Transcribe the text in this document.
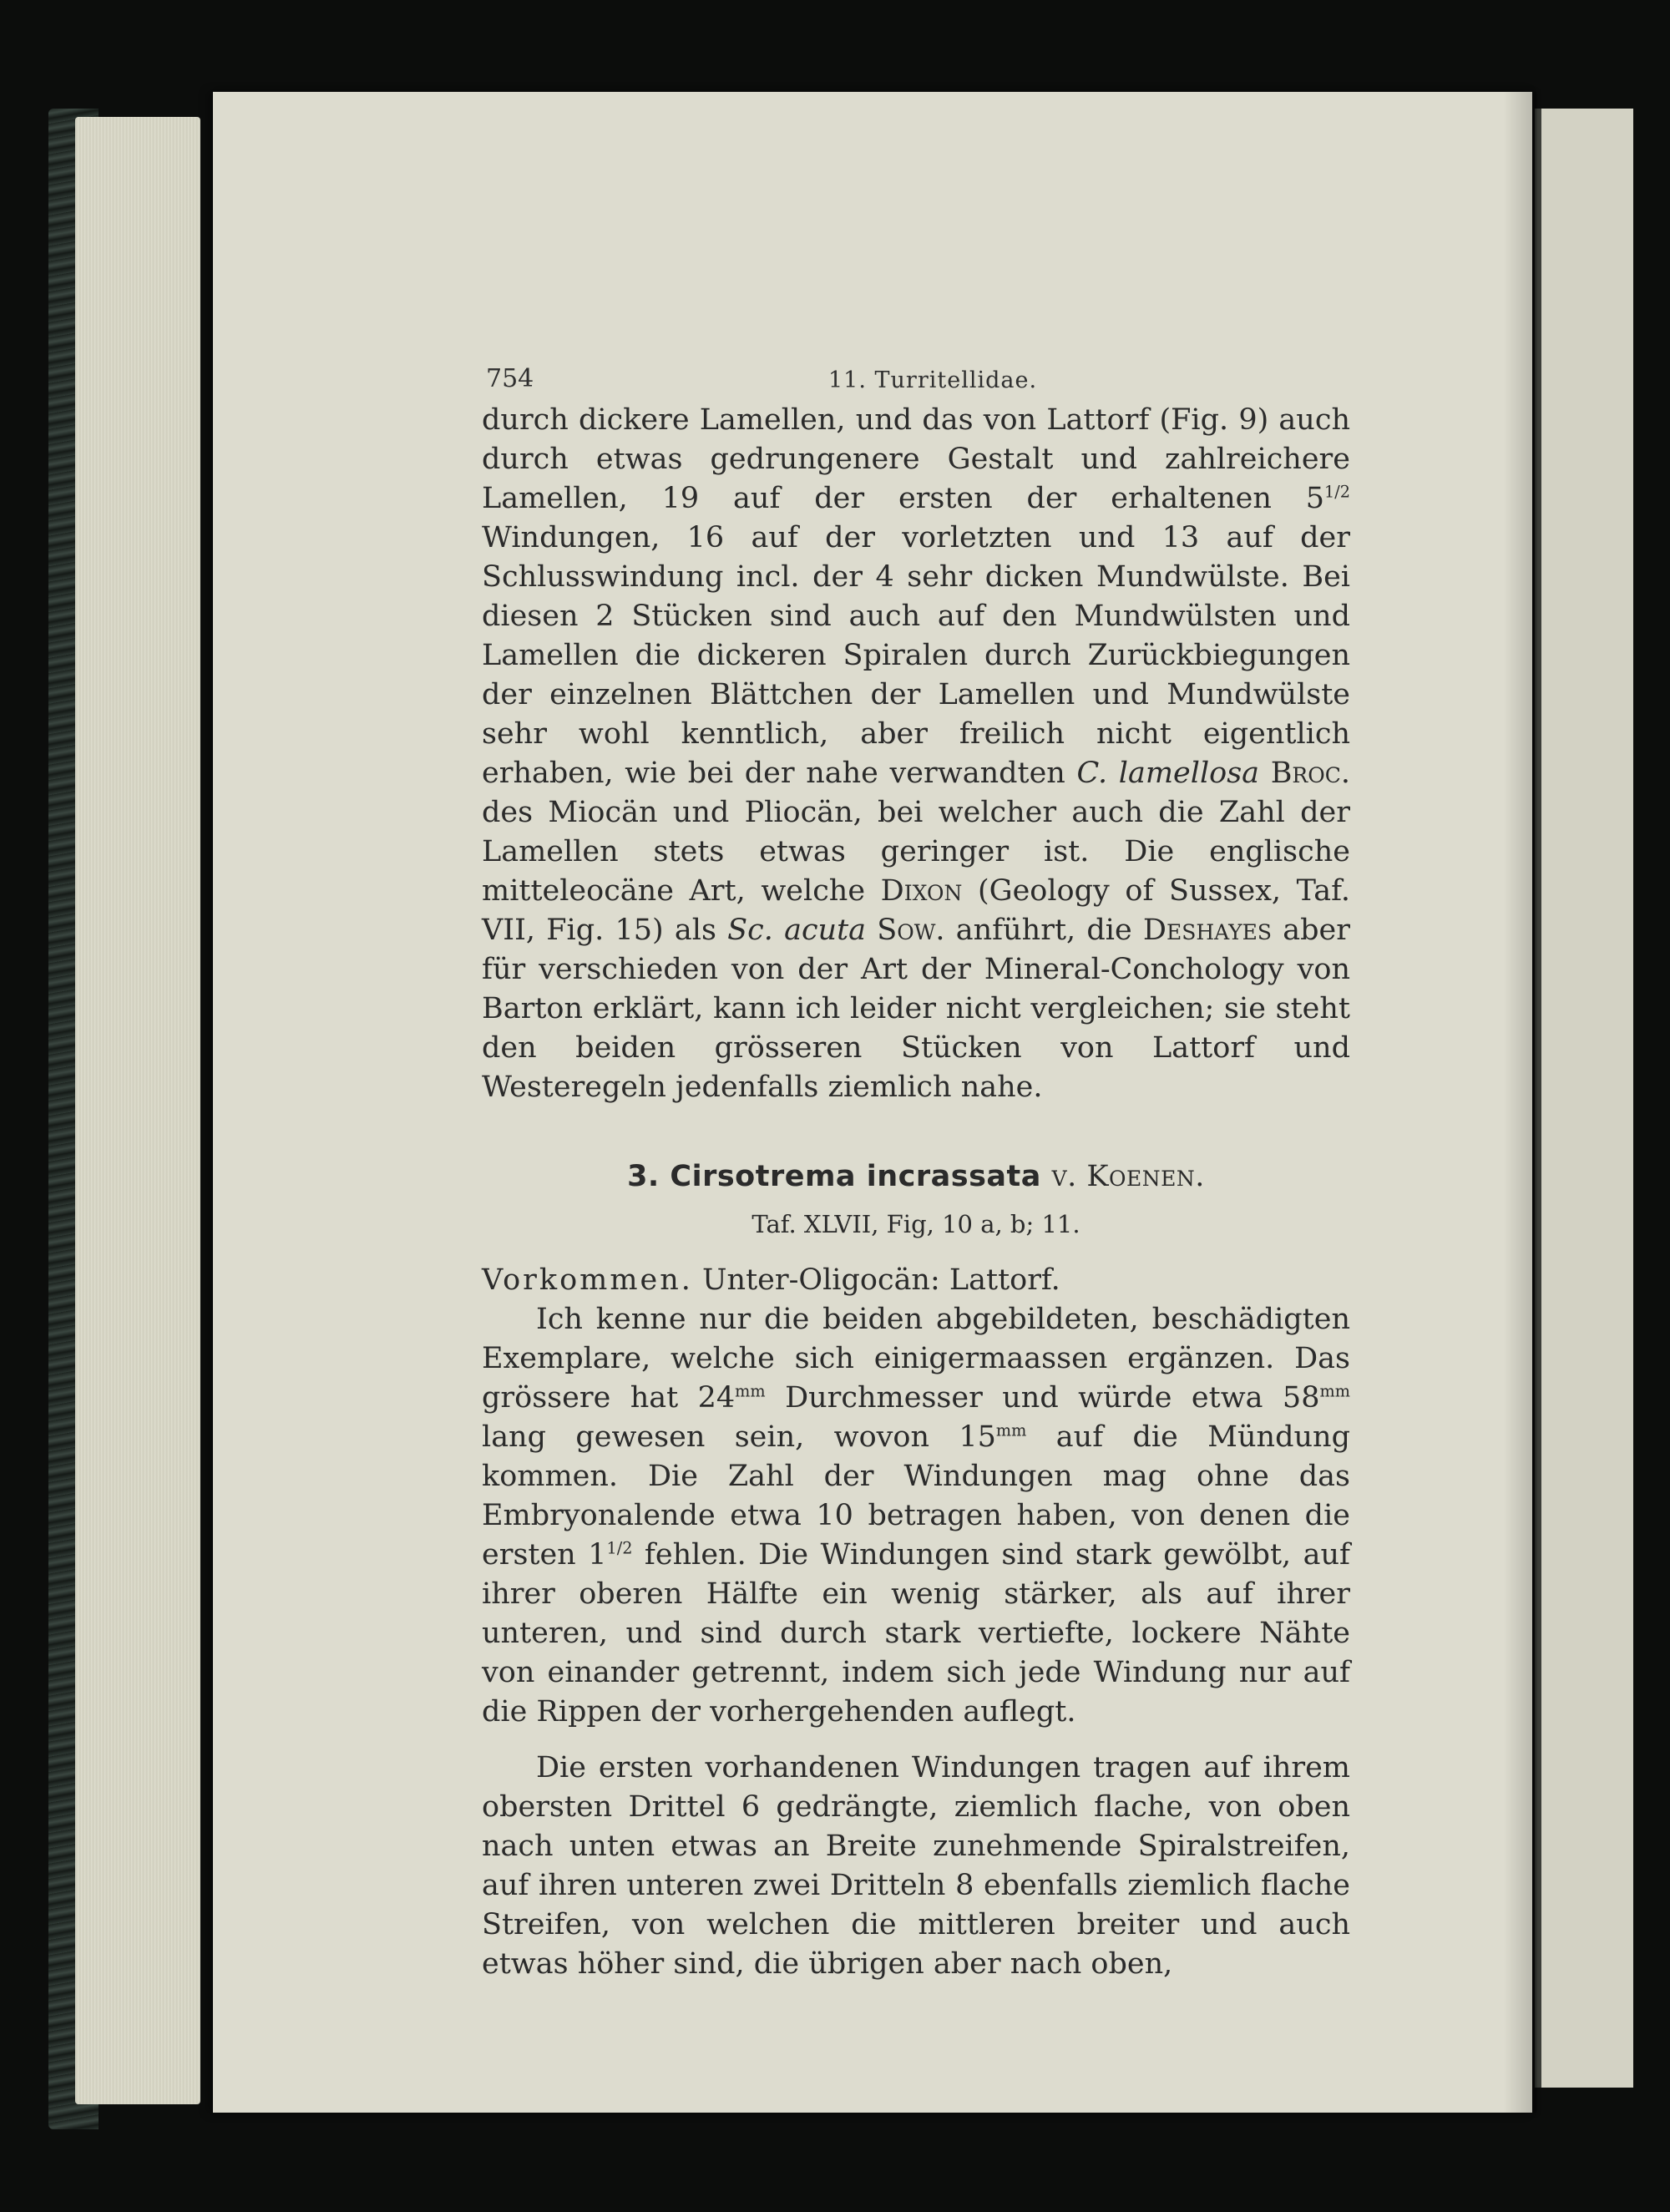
754	11. Turritellidae.

durch dickere Lamellen, und das von Lattorf (Fig. 9) auch durch etwas gedrungenere Gestalt und zahlreichere Lamellen, 19 auf der ersten der erhaltenen $5^{1/2}$ Windungen, 16 auf der vorletzten und 13 auf der Schlusswindung incl. der 4 sehr dicken Mundwülste. Bei diesen 2 Stücken sind auch auf den Mundwülsten und Lamellen die dickeren Spiralen durch Zurückbiegungen der einzelnen Blättchen der Lamellen und Mundwülste sehr wohl kenntlich, aber freilich nicht eigentlich erhaben, wie bei der nahe verwandten C. lamellosa Broc. des Miocän und Pliocän, bei welcher auch die Zahl der Lamellen stets etwas geringer ist. Die englische mitteleocäne Art, welche Dixon (Geology of Sussex, Taf. VII, Fig. 15) als Sc. acuta Sow. anführt, die Deshayes aber für verschieden von der Art der Mineral-Conchology von Barton erklärt, kann ich leider nicht vergleichen; sie steht den beiden grösseren Stücken von Lattorf und Westeregeln jedenfalls ziemlich nahe.

3. Cirsotrema incrassata v. Koenen.
Taf. XLVII, Fig, 10 a, b; 11.

Vorkommen. Unter-Oligocän: Lattorf.

Ich kenne nur die beiden abgebildeten, beschädigten Exemplare, welche sich einigermaassen ergänzen. Das grössere hat $24^{mm}$ Durchmesser und würde etwa $58^{mm}$ lang gewesen sein, wovon $15^{mm}$ auf die Mündung kommen. Die Zahl der Windungen mag ohne das Embryonalende etwa 10 betragen haben, von denen die ersten $1^{1/2}$ fehlen. Die Windungen sind stark gewölbt, auf ihrer oberen Hälfte ein wenig stärker, als auf ihrer unteren, und sind durch stark vertiefte, lockere Nähte von einander getrennt, indem sich jede Windung nur auf die Rippen der vorhergehenden auflegt.

Die ersten vorhandenen Windungen tragen auf ihrem obersten Drittel 6 gedrängte, ziemlich flache, von oben nach unten etwas an Breite zunehmende Spiralstreifen, auf ihren unteren zwei Dritteln 8 ebenfalls ziemlich flache Streifen, von welchen die mittleren breiter und auch etwas höher sind, die übrigen aber nach oben,
